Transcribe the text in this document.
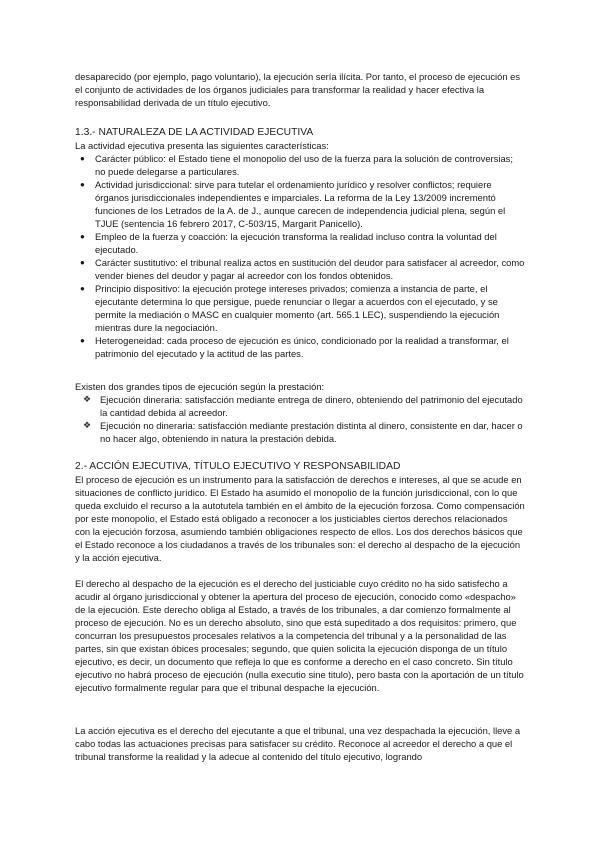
desaparecido (por ejemplo, pago voluntario), la ejecución sería ilícita. Por tanto, el proceso de ejecución es el conjunto de actividades de los órganos judiciales para transformar la realidad y hacer efectiva la responsabilidad derivada de un título ejecutivo.

1.3.- NATURALEZA DE LA ACTIVIDAD EJECUTIVA

La actividad ejecutiva presenta las siguientes características:

● Carácter público: el Estado tiene el monopolio del uso de la fuerza para la solución de controversias; no puede delegarse a particulares.
● Actividad jurisdiccional: sirve para tutelar el ordenamiento jurídico y resolver conflictos; requiere órganos jurisdiccionales independientes e imparciales. La reforma de la Ley 13/2009 incrementó funciones de los Letrados de la A. de J., aunque carecen de independencia judicial plena, según el TJUE (sentencia 16 febrero 2017, C-503/15, Margarit Panicello).
● Empleo de la fuerza y coacción: la ejecución transforma la realidad incluso contra la voluntad del ejecutado.
● Carácter sustitutivo: el tribunal realiza actos en sustitución del deudor para satisfacer al acreedor, como vender bienes del deudor y pagar al acreedor con los fondos obtenidos.
● Principio dispositivo: la ejecución protege intereses privados; comienza a instancia de parte, el ejecutante determina lo que persigue, puede renunciar o llegar a acuerdos con el ejecutado, y se permite la mediación o MASC en cualquier momento (art. 565.1 LEC), suspendiendo la ejecución mientras dure la negociación.
● Heterogeneidad: cada proceso de ejecución es único, condicionado por la realidad a transformar, el patrimonio del ejecutado y la actitud de las partes.

Existen dos grandes tipos de ejecución según la prestación:

❖ Ejecución dineraria: satisfacción mediante entrega de dinero, obteniendo del patrimonio del ejecutado la cantidad debida al acreedor.
❖ Ejecución no dineraria: satisfacción mediante prestación distinta al dinero, consistente en dar, hacer o no hacer algo, obteniendo in natura la prestación debida.

2.- ACCIÓN EJECUTIVA, TÍTULO EJECUTIVO Y RESPONSABILIDAD

El proceso de ejecución es un instrumento para la satisfacción de derechos e intereses, al que se acude en situaciones de conflicto jurídico. El Estado ha asumido el monopolio de la función jurisdiccional, con lo que queda excluido el recurso a la autotutela también en el ámbito de la ejecución forzosa. Como compensación por este monopolio, el Estado está obligado a reconocer a los justiciables ciertos derechos relacionados con la ejecución forzosa, asumiendo también obligaciones respecto de ellos. Los dos derechos básicos que el Estado reconoce a los ciudadanos a través de los tribunales son: el derecho al despacho de la ejecución y la acción ejecutiva.

El derecho al despacho de la ejecución es el derecho del justiciable cuyo crédito no ha sido satisfecho a acudir al órgano jurisdiccional y obtener la apertura del proceso de ejecución, conocido como «despacho» de la ejecución. Este derecho obliga al Estado, a través de los tribunales, a dar comienzo formalmente al proceso de ejecución. No es un derecho absoluto, sino que está supeditado a dos requisitos: primero, que concurran los presupuestos procesales relativos a la competencia del tribunal y a la personalidad de las partes, sin que existan óbices procesales; segundo, que quien solicita la ejecución disponga de un título ejecutivo, es decir, un documento que refleja lo que es conforme a derecho en el caso concreto. Sin título ejecutivo no habrá proceso de ejecución (nulla executio sine titulo), pero basta con la aportación de un título ejecutivo formalmente regular para que el tribunal despache la ejecución.

La acción ejecutiva es el derecho del ejecutante a que el tribunal, una vez despachada la ejecución, lleve a cabo todas las actuaciones precisas para satisfacer su crédito. Reconoce al acreedor el derecho a que el tribunal transforme la realidad y la adecue al contenido del título ejecutivo, logrando
